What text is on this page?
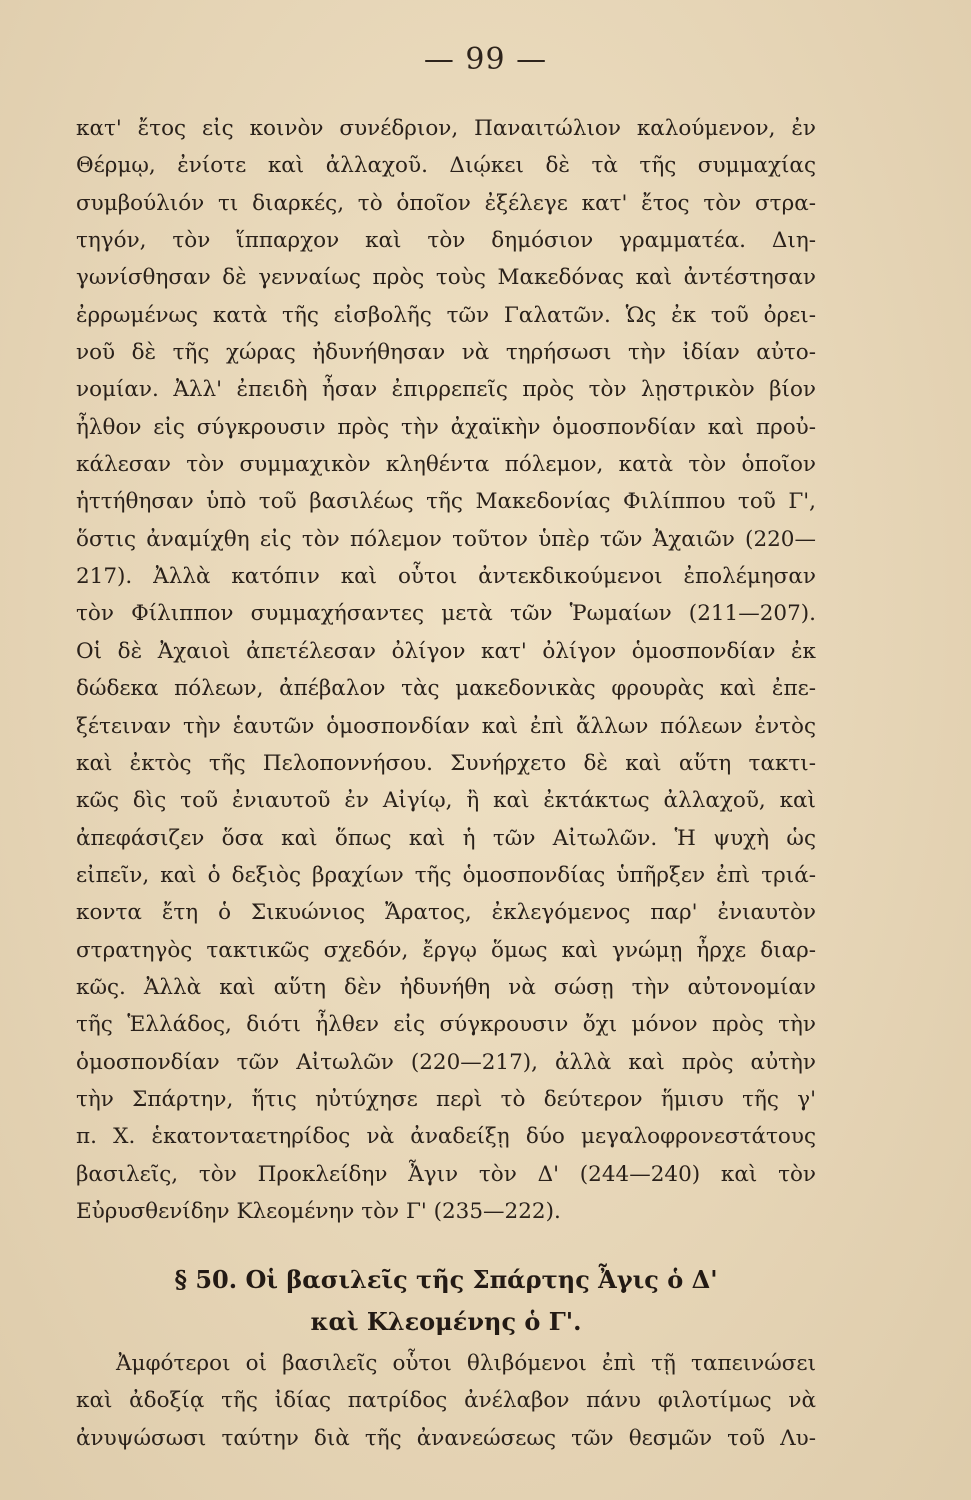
— 99 —
κατ' ἔτος εἰς κοινὸν συνέδριον, Παναιτώλιον καλούμενον, ἐν
Θέρμῳ, ἐνίοτε καὶ ἀλλαχοῦ. Διῴκει δὲ τὰ τῆς συμμαχίας
συμβούλιόν τι διαρκές, τὸ ὁποῖον ἐξέλεγε κατ' ἔτος τὸν στρα-
τηγόν, τὸν ἵππαρχον καὶ τὸν δημόσιον γραμματέα. Διη-
γωνίσθησαν δὲ γενναίως πρὸς τοὺς Μακεδόνας καὶ ἀντέστησαν
ἐρρωμένως κατὰ τῆς εἰσβολῆς τῶν Γαλατῶν. Ὡς ἐκ τοῦ ὀρει-
νοῦ δὲ τῆς χώρας ἠδυνήθησαν νὰ τηρήσωσι τὴν ἰδίαν αὐτο-
νομίαν. Ἀλλ' ἐπειδὴ ἦσαν ἐπιρρεπεῖς πρὸς τὸν λῃστρικὸν βίον
ἦλθον εἰς σύγκρουσιν πρὸς τὴν ἀχαϊκὴν ὁμοσπονδίαν καὶ προὐ-
κάλεσαν τὸν συμμαχικὸν κληθέντα πόλεμον, κατὰ τὸν ὁποῖον
ἡττήθησαν ὑπὸ τοῦ βασιλέως τῆς Μακεδονίας Φιλίππου τοῦ Γ',
ὅστις ἀναμίχθη εἰς τὸν πόλεμον τοῦτον ὑπὲρ τῶν Ἀχαιῶν (220—
217). Ἀλλὰ κατόπιν καὶ οὗτοι ἀντεκδικούμενοι ἐπολέμησαν
τὸν Φίλιππον συμμαχήσαντες μετὰ τῶν Ῥωμαίων (211—207).
Οἱ δὲ Ἀχαιοὶ ἀπετέλεσαν ὀλίγον κατ' ὀλίγον ὁμοσπονδίαν ἐκ
δώδεκα πόλεων, ἀπέβαλον τὰς μακεδονικὰς φρουρὰς καὶ ἐπε-
ξέτειναν τὴν ἑαυτῶν ὁμοσπονδίαν καὶ ἐπὶ ἄλλων πόλεων ἐντὸς
καὶ ἐκτὸς τῆς Πελοποννήσου. Συνήρχετο δὲ καὶ αὕτη τακτι-
κῶς δὶς τοῦ ἐνιαυτοῦ ἐν Αἰγίῳ, ἢ καὶ ἐκτάκτως ἀλλαχοῦ, καὶ
ἀπεφάσιζεν ὅσα καὶ ὅπως καὶ ἡ τῶν Αἰτωλῶν. Ἡ ψυχὴ ὡς
εἰπεῖν, καὶ ὁ δεξιὸς βραχίων τῆς ὁμοσπονδίας ὑπῆρξεν ἐπὶ τριά-
κοντα ἔτη ὁ Σικυώνιος Ἄρατος, ἐκλεγόμενος παρ' ἐνιαυτὸν
στρατηγὸς τακτικῶς σχεδόν, ἔργῳ ὅμως καὶ γνώμῃ ἦρχε διαρ-
κῶς. Ἀλλὰ καὶ αὕτη δὲν ἠδυνήθη νὰ σώσῃ τὴν αὐτονομίαν
τῆς Ἑλλάδος, διότι ἦλθεν εἰς σύγκρουσιν ὄχι μόνον πρὸς τὴν
ὁμοσπονδίαν τῶν Αἰτωλῶν (220—217), ἀλλὰ καὶ πρὸς αὐτὴν
τὴν Σπάρτην, ἥτις ηὐτύχησε περὶ τὸ δεύτερον ἥμισυ τῆς γ'
π. Χ. ἑκατονταετηρίδος νὰ ἀναδείξῃ δύο μεγαλοφρονεστάτους
βασιλεῖς, τὸν Προκλείδην Ἆγιν τὸν Δ' (244—240) καὶ τὸν
Εὐρυσθενίδην Κλεομένην τὸν Γ' (235—222).
§ 50. Οἱ βασιλεῖς τῆς Σπάρτης Ἆγις ὁ Δ'
καὶ Κλεομένης ὁ Γ'.
Ἀμφότεροι οἱ βασιλεῖς οὗτοι θλιβόμενοι ἐπὶ τῇ ταπεινώσει
καὶ ἀδοξίᾳ τῆς ἰδίας πατρίδος ἀνέλαβον πάνυ φιλοτίμως νὰ
ἀνυψώσωσι ταύτην διὰ τῆς ἀνανεώσεως τῶν θεσμῶν τοῦ Λυ-
